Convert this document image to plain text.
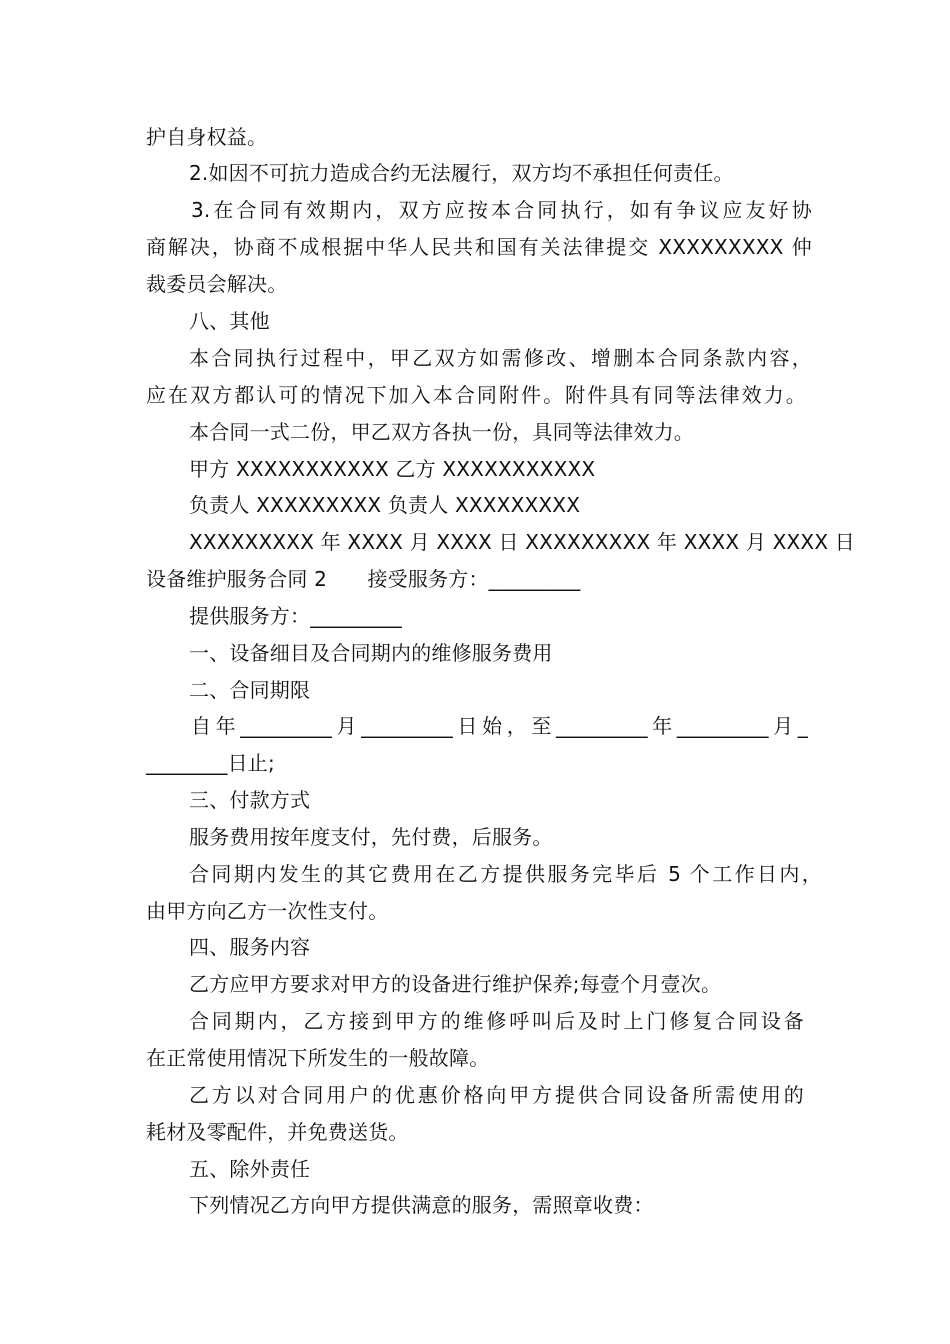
护自身权益。
2.如因不可抗力造成合约无法履行，双方均不承担任何责任。
3.在合同有效期内，双方应按本合同执行，如有争议应友好协
商解决，协商不成根据中华人民共和国有关法律提交 XXXXXXXXX 仲
裁委员会解决。
八、其他
本合同执行过程中，甲乙双方如需修改、增删本合同条款内容，
应在双方都认可的情况下加入本合同附件。附件具有同等法律效力。
本合同一式二份，甲乙双方各执一份，具同等法律效力。
甲方 XXXXXXXXXXX 乙方 XXXXXXXXXXX
负责人 XXXXXXXXX 负责人 XXXXXXXXX
XXXXXXXXX 年 XXXX 月 XXXX 日 XXXXXXXXX 年 XXXX 月 XXXX 日
设备维护服务合同 2　　接受服务方：_________
提供服务方：_________
一、设备细目及合同期内的维修服务费用
二、合同期限
自年_________月_________日始，至_________年_________月_
________日止;
三、付款方式
服务费用按年度支付，先付费，后服务。
合同期内发生的其它费用在乙方提供服务完毕后 5 个工作日内，
由甲方向乙方一次性支付。
四、服务内容
乙方应甲方要求对甲方的设备进行维护保养;每壹个月壹次。
合同期内，乙方接到甲方的维修呼叫后及时上门修复合同设备
在正常使用情况下所发生的一般故障。
乙方以对合同用户的优惠价格向甲方提供合同设备所需使用的
耗材及零配件，并免费送货。
五、除外责任
下列情况乙方向甲方提供满意的服务，需照章收费：
